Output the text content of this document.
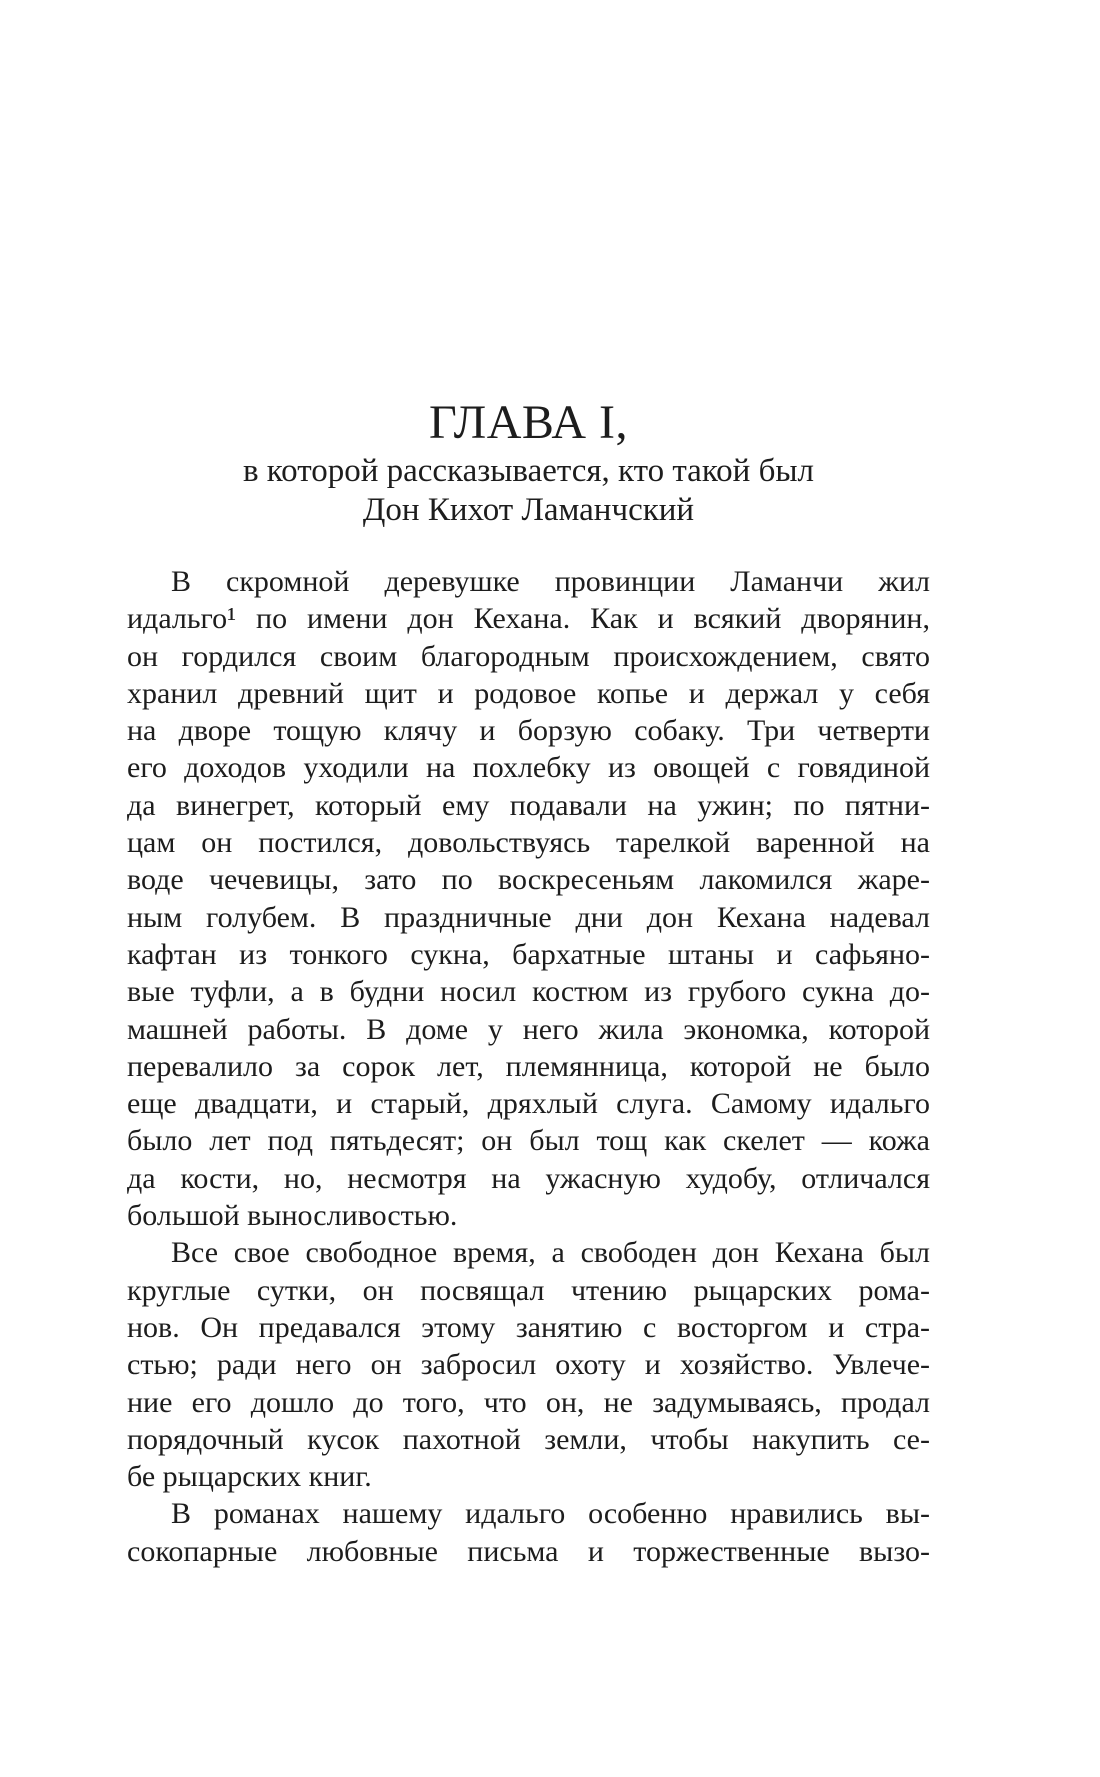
ГЛАВА I,
в которой рассказывается, кто такой был
Дон Кихот Ламанчский
В скромной деревушке провинции Ламанчи жил
идальго¹ по имени дон Кехана. Как и всякий дворянин,
он гордился своим благородным происхождением, свято
хранил древний щит и родовое копье и держал у себя
на дворе тощую клячу и борзую собаку. Три четверти
его доходов уходили на похлебку из овощей с говядиной
да винегрет, который ему подавали на ужин; по пятни-
цам он постился, довольствуясь тарелкой варенной на
воде чечевицы, зато по воскресеньям лакомился жаре-
ным голубем. В праздничные дни дон Кехана надевал
кафтан из тонкого сукна, бархатные штаны и сафьяно-
вые туфли, а в будни носил костюм из грубого сукна до-
машней работы. В доме у него жила экономка, которой
перевалило за сорок лет, племянница, которой не было
еще двадцати, и старый, дряхлый слуга. Самому идальго
было лет под пятьдесят; он был тощ как скелет — кожа
да кости, но, несмотря на ужасную худобу, отличался
большой выносливостью.
Все свое свободное время, а свободен дон Кехана был
круглые сутки, он посвящал чтению рыцарских рома-
нов. Он предавался этому занятию с восторгом и стра-
стью; ради него он забросил охоту и хозяйство. Увлече-
ние его дошло до того, что он, не задумываясь, продал
порядочный кусок пахотной земли, чтобы накупить се-
бе рыцарских книг.
В романах нашему идальго особенно нравились вы-
сокопарные любовные письма и торжественные вызо-
